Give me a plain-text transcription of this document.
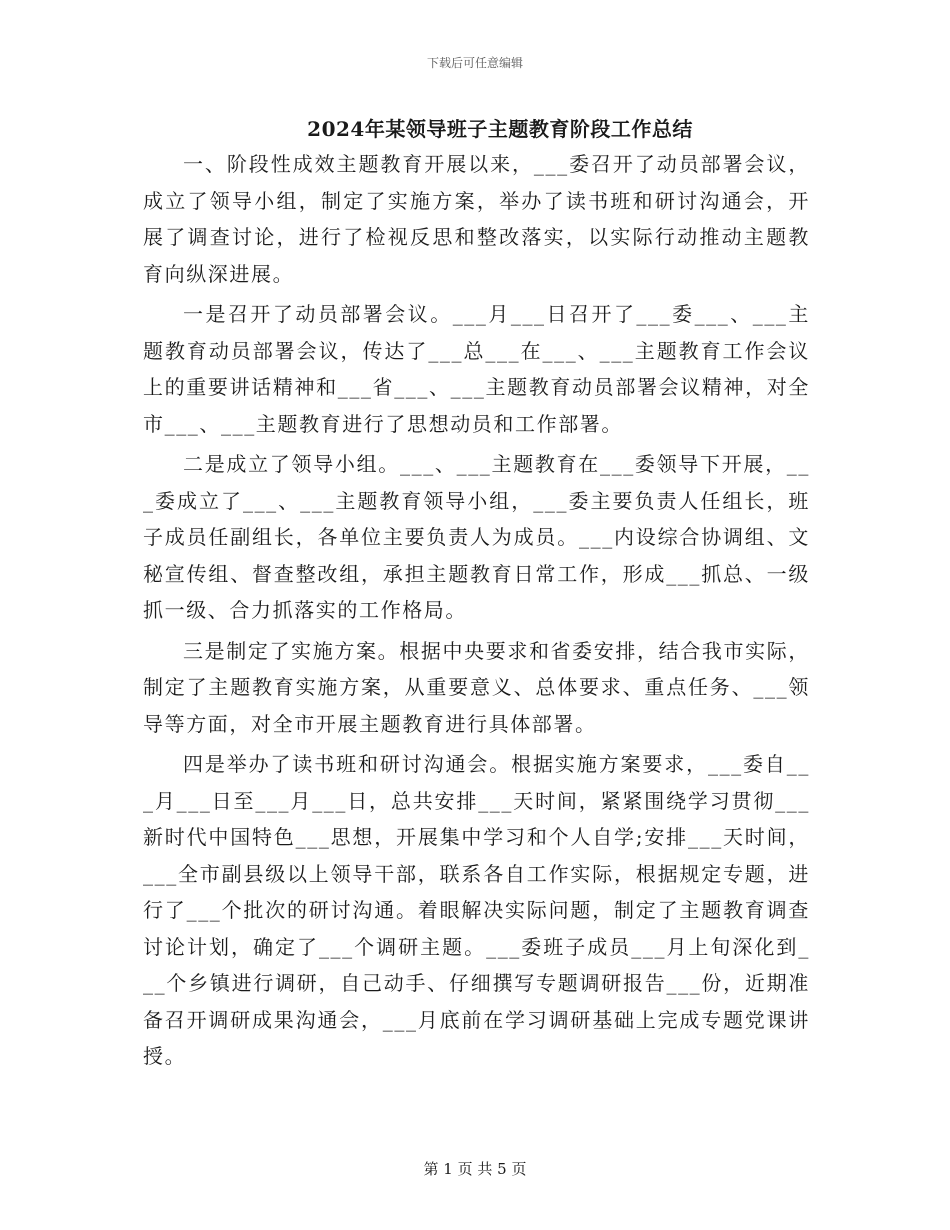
下载后可任意编辑
2024年某领导班子主题教育阶段工作总结

一、阶段性成效主题教育开展以来，___委召开了动员部署会议，成立了领导小组，制定了实施方案，举办了读书班和研讨沟通会，开展了调查讨论，进行了检视反思和整改落实，以实际行动推动主题教育向纵深进展。

一是召开了动员部署会议。___月___日召开了___委___、___主题教育动员部署会议，传达了___总___在___、___主题教育工作会议上的重要讲话精神和___省___、___主题教育动员部署会议精神，对全市___、___主题教育进行了思想动员和工作部署。

二是成立了领导小组。___、___主题教育在___委领导下开展，___委成立了___、___主题教育领导小组，___委主要负责人任组长，班子成员任副组长，各单位主要负责人为成员。___内设综合协调组、文秘宣传组、督查整改组，承担主题教育日常工作，形成___抓总、一级抓一级、合力抓落实的工作格局。

三是制定了实施方案。根据中央要求和省委安排，结合我市实际，制定了主题教育实施方案，从重要意义、总体要求、重点任务、___领导等方面，对全市开展主题教育进行具体部署。

四是举办了读书班和研讨沟通会。根据实施方案要求，___委自___月___日至___月___日，总共安排___天时间，紧紧围绕学习贯彻___新时代中国特色___思想，开展集中学习和个人自学;安排___天时间，___全市副县级以上领导干部，联系各自工作实际，根据规定专题，进行了___个批次的研讨沟通。着眼解决实际问题，制定了主题教育调查讨论计划，确定了___个调研主题。___委班子成员___月上旬深化到___个乡镇进行调研，自己动手、仔细撰写专题调研报告___份，近期准备召开调研成果沟通会，___月底前在学习调研基础上完成专题党课讲授。

第 1 页 共 5 页
